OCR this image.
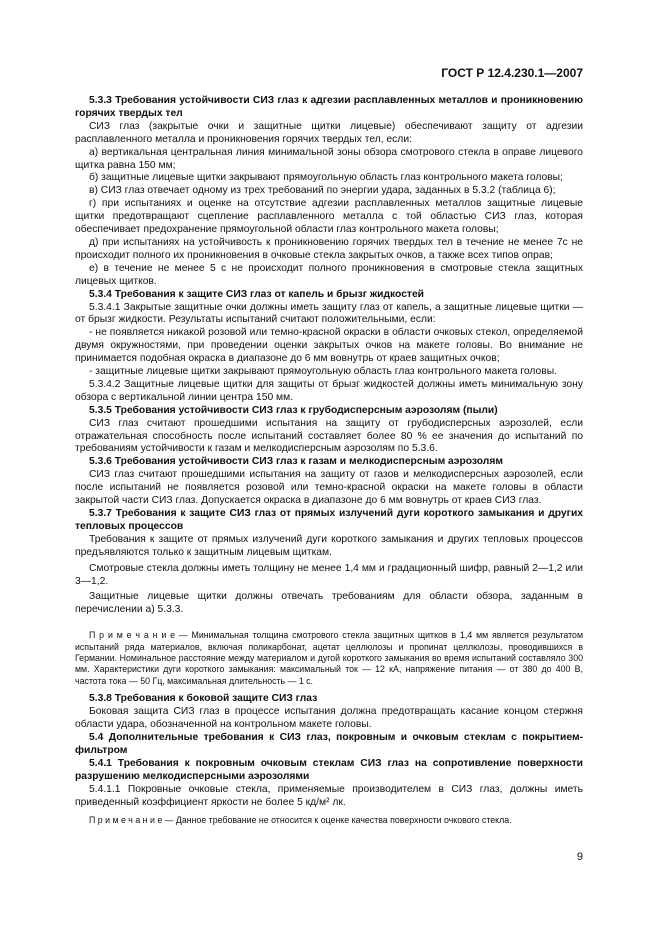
ГОСТ Р 12.4.230.1—2007

5.3.3 Требования устойчивости СИЗ глаз к адгезии расплавленных металлов и проникновению горячих твердых тел

СИЗ глаз (закрытые очки и защитные щитки лицевые) обеспечивают защиту от адгезии расплавленного металла и проникновения горячих твердых тел, если:

а) вертикальная центральная линия минимальной зоны обзора смотрового стекла в оправе лицевого щитка равна 150 мм;

б) защитные лицевые щитки закрывают прямоугольную область глаз контрольного макета головы;

в) СИЗ глаз отвечает одному из трех требований по энергии удара, заданных в 5.3.2 (таблица 6);

г) при испытаниях и оценке на отсутствие адгезии расплавленных металлов защитные лицевые щитки предотвращают сцепление расплавленного металла с той областью СИЗ глаз, которая обеспечивает предохранение прямоугольной области глаз контрольного макета головы;

д) при испытаниях на устойчивость к проникновению горячих твердых тел в течение не менее 7с не происходит полного их проникновения в очковые стекла закрытых очков, а также всех типов оправ;

е) в течение не менее 5 с не происходит полного проникновения в смотровые стекла защитных лицевых щитков.

5.3.4 Требования к защите СИЗ глаз от капель и брызг жидкостей

5.3.4.1 Закрытые защитные очки должны иметь защиту глаз от капель, а защитные лицевые щитки — от брызг жидкости. Результаты испытаний считают положительными, если:

- не появляется никакой розовой или темно-красной окраски в области очковых стекол, определяемой двумя окружностями, при проведении оценки закрытых очков на макете головы. Во внимание не принимается подобная окраска в диапазоне до 6 мм вовнутрь от краев защитных очков;

- защитные лицевые щитки закрывают прямоугольную область глаз контрольного макета головы.

5.3.4.2 Защитные лицевые щитки для защиты от брызг жидкостей должны иметь минимальную зону обзора с вертикальной линии центра 150 мм.

5.3.5 Требования устойчивости СИЗ глаз к грубодисперсным аэрозолям (пыли)

СИЗ глаз считают прошедшими испытания на защиту от грубодисперсных аэрозолей, если отражательная способность после испытаний составляет более 80 % ее значения до испытаний по требованиям устойчивости к газам и мелкодисперсным аэрозолям по 5.3.6.

5.3.6 Требования устойчивости СИЗ глаз к газам и мелкодисперсным аэрозолям

СИЗ глаз считают прошедшими испытания на защиту от газов и мелкодисперсных аэрозолей, если после испытаний не появляется розовой или темно-красной окраски на макете головы в области закрытой части СИЗ глаз. Допускается окраска в диапазоне до 6 мм вовнутрь от краев СИЗ глаз.

5.3.7 Требования к защите СИЗ глаз от прямых излучений дуги короткого замыкания и других тепловых процессов

Требования к защите от прямых излучений дуги короткого замыкания и других тепловых процессов предъявляются только к защитным лицевым щиткам.

Смотровые стекла должны иметь толщину не менее 1,4 мм и градационный шифр, равный 2—1,2 или 3—1,2.

Защитные лицевые щитки должны отвечать требованиям для области обзора, заданным в перечислении а) 5.3.3.

П р и м е ч а н и е — Минимальная толщина смотрового стекла защитных щитков в 1,4 мм является результатом испытаний ряда материалов, включая поликарбонат, ацетат целлюлозы и пропинат целлюлозы, проводившихся в Германии. Номинальное расстояние между материалом и дугой короткого замыкания во время испытаний составляло 300 мм. Характеристики дуги короткого замыкания: максимальный ток — 12 кА, напряжение питания — от 380 до 400 В, частота тока — 50 Гц, максимальная длительность — 1 с.

5.3.8 Требования к боковой защите СИЗ глаз

Боковая защита СИЗ глаз в процессе испытания должна предотвращать касание концом стержня области удара, обозначенной на контрольном макете головы.

5.4 Дополнительные требования к СИЗ глаз, покровным и очковым стеклам с покрытием-фильтром

5.4.1 Требования к покровным очковым стеклам СИЗ глаз на сопротивление поверхности разрушению мелкодисперсными аэрозолями

5.4.1.1 Покровные очковые стекла, применяемые производителем в СИЗ глаз, должны иметь приведенный коэффициент яркости не более 5 кд/м² лк.

П р и м е ч а н и е — Данное требование не относится к оценке качества поверхности очкового стекла.

9
